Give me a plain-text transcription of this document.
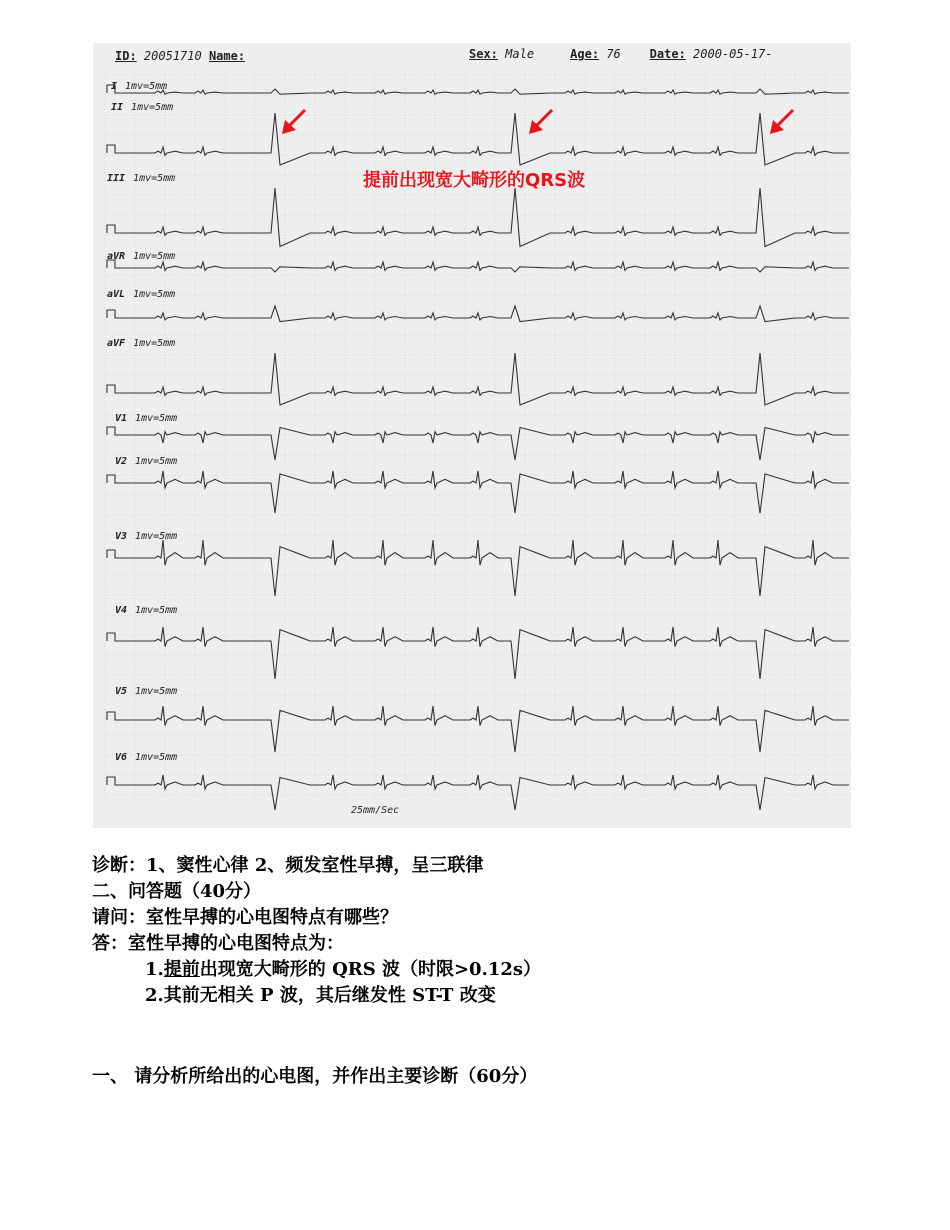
ID: 20051710 Name:	Sex: Male	Age: 76 Date: 2000-05-17-
I 1mv=5mm
II 1mv=5mm
III 1mv=5mm
aVR 1mv=5mm
aVL 1mv=5mm
aVF 1mv=5mm
V1 1mv=5mm
V2 1mv=5mm
V3 1mv=5mm
V4 1mv=5mm
V5 1mv=5mm
V6 1mv=5mm
25mm/Sec
提前出现宽大畸形的QRS波
诊断：1、窦性心律 2、频发室性早搏，呈三联律
二、问答题（40分）
请问：室性早搏的心电图特点有哪些？
答：室性早搏的心电图特点为：
1.提前出现宽大畸形的 QRS 波（时限>0.12s）
2.其前无相关 P 波，其后继发性 ST-T 改变
一、 请分析所给出的心电图，并作出主要诊断（60分）
